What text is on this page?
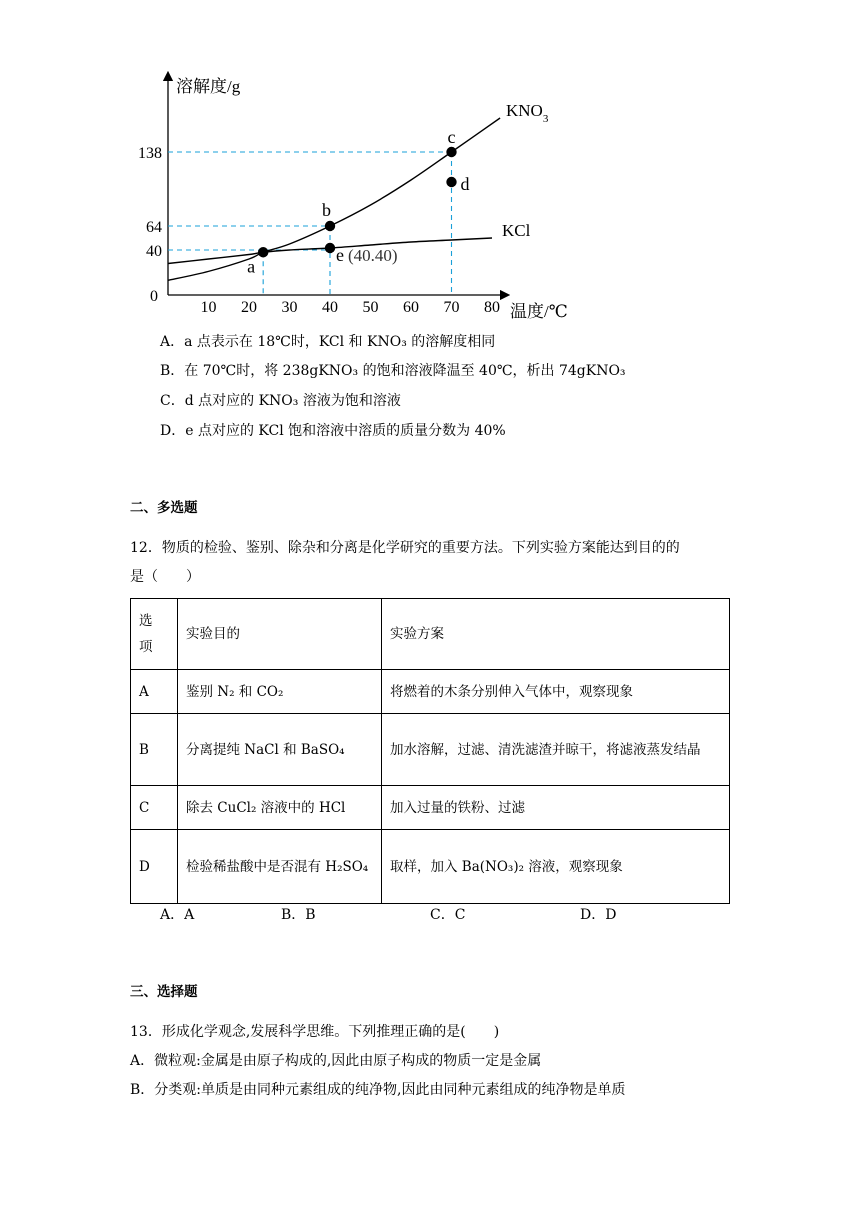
溶解度/g
温度/℃
10 20 30 40 50 60 70 80
0
40
64
138
a
b
c
d
e (40.40)
$KNO_3$
KCl
A．a 点表示在 18℃时，KCl 和 KNO₃ 的溶解度相同
B．在 70℃时，将 238gKNO₃ 的饱和溶液降温至 40℃，析出 74gKNO₃
C．d 点对应的 KNO₃ 溶液为饱和溶液
D．e 点对应的 KCl 饱和溶液中溶质的质量分数为 40%
二、多选题
12．物质的检验、鉴别、除杂和分离是化学研究的重要方法。下列实验方案能达到目的的
是（　　）
选
项	实验目的	实验方案
A	鉴别 N₂ 和 CO₂	将燃着的木条分别伸入气体中，观察现象
B	分离提纯 NaCl 和 BaSO₄	加水溶解，过滤、清洗滤渣并晾干，将滤液蒸发结晶
C	除去 CuCl₂ 溶液中的 HCl	加入过量的铁粉、过滤
D	检验稀盐酸中是否混有 H₂SO₄	取样，加入 Ba(NO₃)₂ 溶液，观察现象
A．A	B．B	C．C	D．D
三、选择题
13．形成化学观念,发展科学思维。下列推理正确的是(　　)
A．微粒观:金属是由原子构成的,因此由原子构成的物质一定是金属
B．分类观:单质是由同种元素组成的纯净物,因此由同种元素组成的纯净物是单质
